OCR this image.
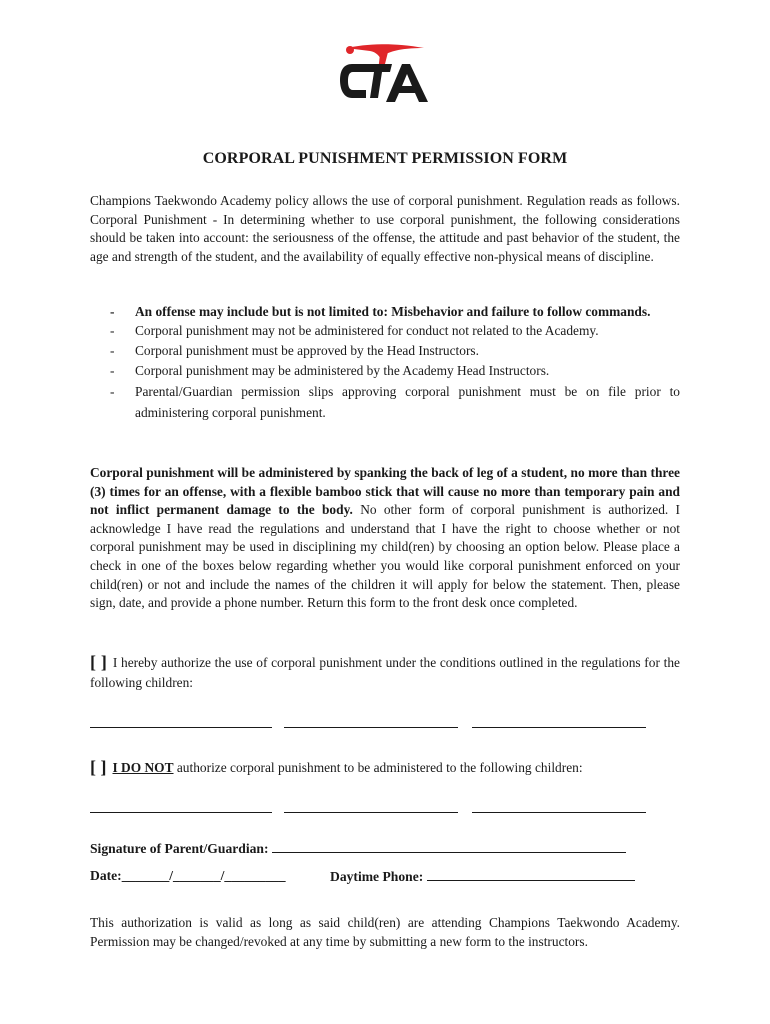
CORPORAL PUNISHMENT PERMISSION FORM

Champions Taekwondo Academy policy allows the use of corporal punishment. Regulation reads as follows. Corporal Punishment - In determining whether to use corporal punishment, the following considerations should be taken into account: the seriousness of the offense, the attitude and past behavior of the student, the age and strength of the student, and the availability of equally effective non-physical means of discipline.

- An offense may include but is not limited to: Misbehavior and failure to follow commands.
- Corporal punishment may not be administered for conduct not related to the Academy.
- Corporal punishment must be approved by the Head Instructors.
- Corporal punishment may be administered by the Academy Head Instructors.
- Parental/Guardian permission slips approving corporal punishment must be on file prior to administering corporal punishment.

Corporal punishment will be administered by spanking the back of leg of a student, no more than three (3) times for an offense, with a flexible bamboo stick that will cause no more than temporary pain and not inflict permanent damage to the body. No other form of corporal punishment is authorized. I acknowledge I have read the regulations and understand that I have the right to choose whether or not corporal punishment may be used in disciplining my child(ren) by choosing an option below. Please place a check in one of the boxes below regarding whether you would like corporal punishment enforced on your child(ren) or not and include the names of the children it will apply for below the statement. Then, please sign, date, and provide a phone number. Return this form to the front desk once completed.

[ ] I hereby authorize the use of corporal punishment under the conditions outlined in the regulations for the following children:

[ ] I DO NOT authorize corporal punishment to be administered to the following children:

Signature of Parent/Guardian:
Date:_______/_______/_________	Daytime Phone:

This authorization is valid as long as said child(ren) are attending Champions Taekwondo Academy. Permission may be changed/revoked at any time by submitting a new form to the instructors.
